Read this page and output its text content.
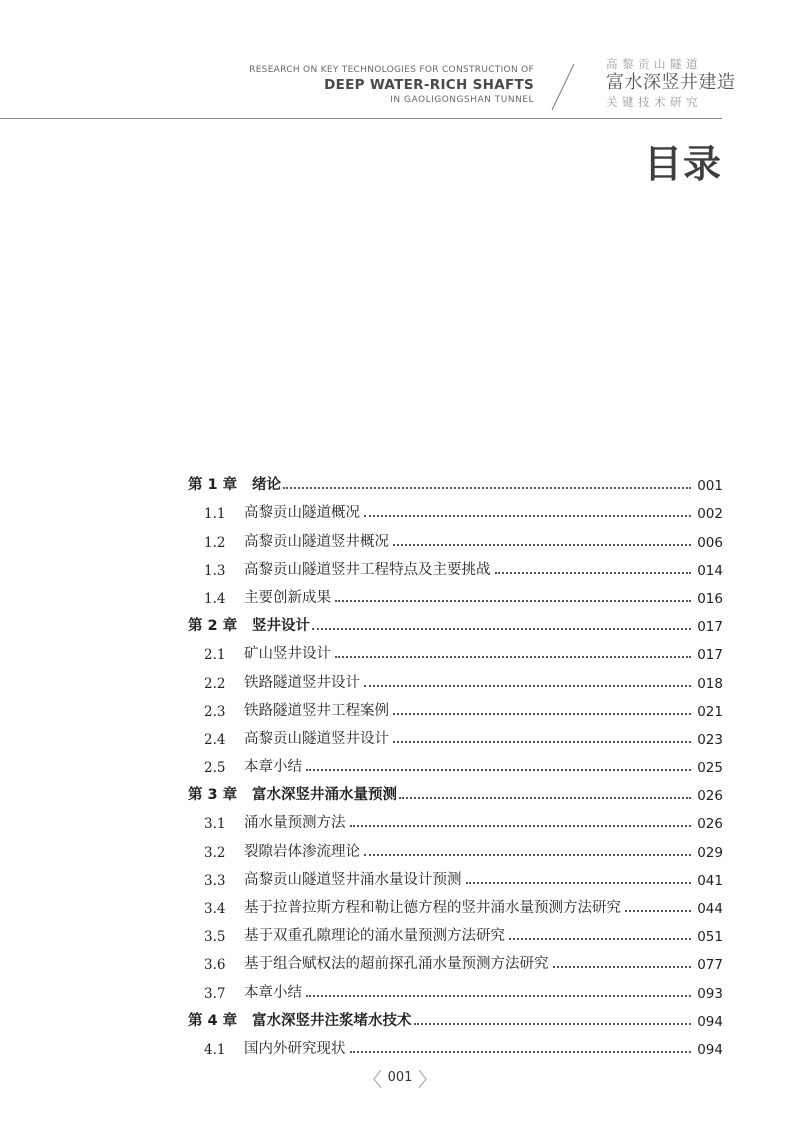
RESEARCH ON KEY TECHNOLOGIES FOR CONSTRUCTION OF
DEEP WATER-RICH SHAFTS
IN GAOLIGONGSHAN TUNNEL
高黎贡山隧道
富水深竖井建造
关键技术研究
目录
第 1 章	绪论	001
1.1	高黎贡山隧道概况	002
1.2	高黎贡山隧道竖井概况	006
1.3	高黎贡山隧道竖井工程特点及主要挑战	014
1.4	主要创新成果	016
第 2 章	竖井设计	017
2.1	矿山竖井设计	017
2.2	铁路隧道竖井设计	018
2.3	铁路隧道竖井工程案例	021
2.4	高黎贡山隧道竖井设计	023
2.5	本章小结	025
第 3 章	富水深竖井涌水量预测	026
3.1	涌水量预测方法	026
3.2	裂隙岩体渗流理论	029
3.3	高黎贡山隧道竖井涌水量设计预测	041
3.4	基于拉普拉斯方程和勒让德方程的竖井涌水量预测方法研究	044
3.5	基于双重孔隙理论的涌水量预测方法研究	051
3.6	基于组合赋权法的超前探孔涌水量预测方法研究	077
3.7	本章小结	093
第 4 章	富水深竖井注浆堵水技术	094
4.1	国内外研究现状	094
001
